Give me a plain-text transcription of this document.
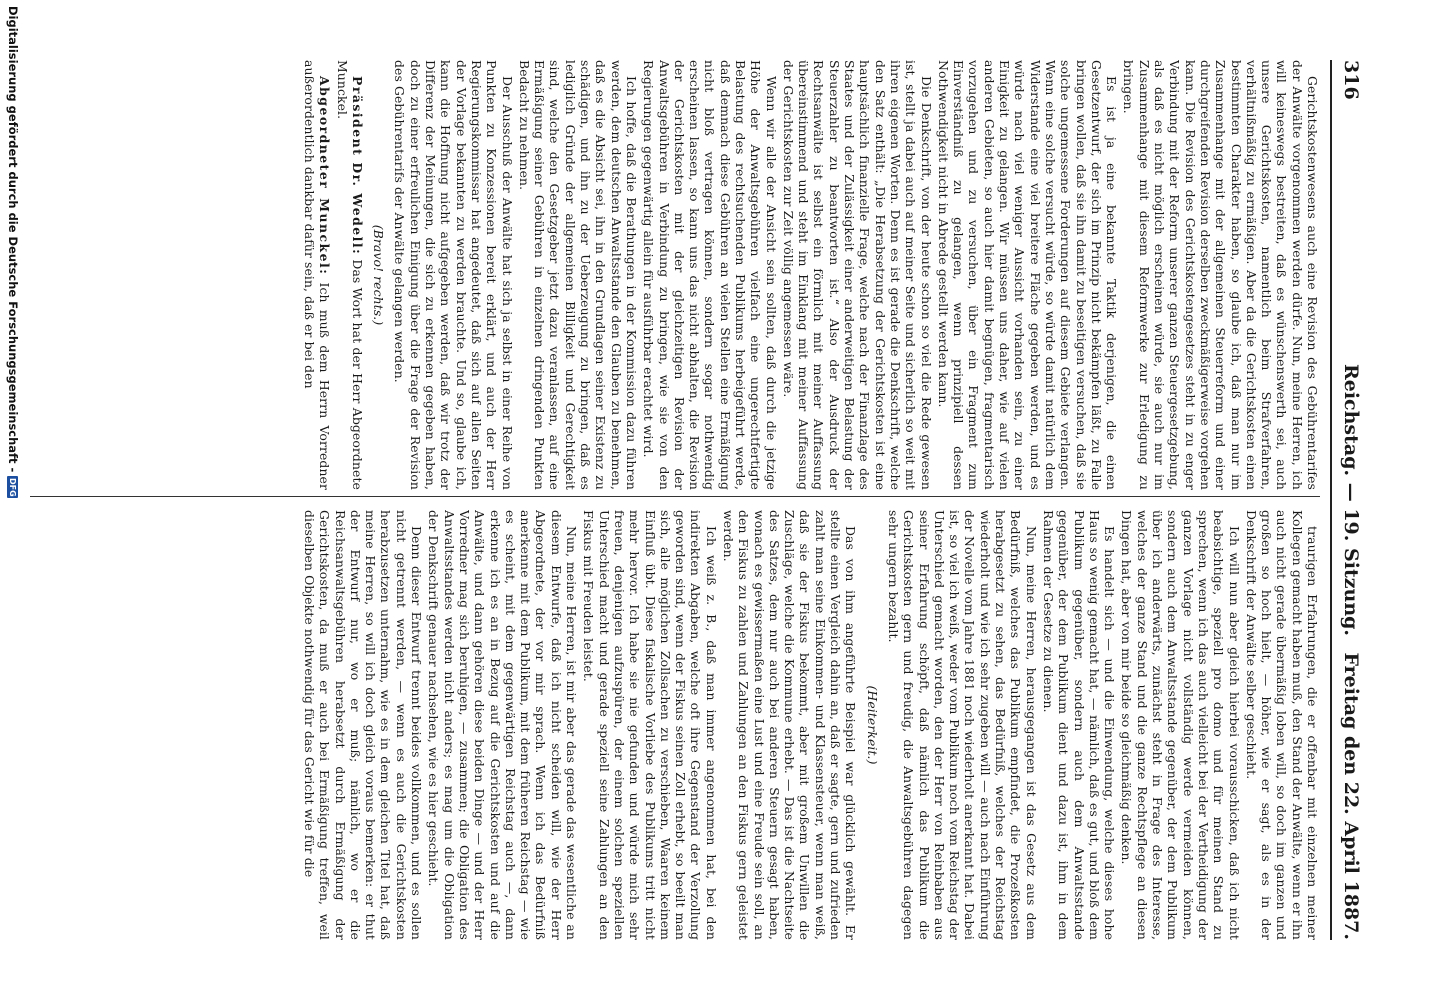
316
Reichstag. — 19. Sitzung.
Freitag den 22. April 1887.

Gerichtskostenwesens auch eine Revision des Gebührentarifes der Anwälte vorgenommen werden dürfe. Nun, meine Herren, ich will keineswegs bestreiten, daß es wünschenswerth sei, auch unsere Gerichtskosten, namentlich beim Strafverfahren, verhältnißmäßig zu ermäßigen. Aber da die Gerichtskosten einen bestimmten Charakter haben, so glaube ich, daß man nur im Zusammenhange mit der allgemeinen Steuerreform und einer durchgreifenden Revision derselben zweckmäßigerweise vorgehen kann. Die Revision des Gerichtskostengesetzes steht in zu enger Verbindung mit der Reform unserer ganzen Steuergesetzgebung, als daß es nicht möglich erscheinen würde, sie auch nur im Zusammenhange mit diesem Reformwerke zur Erledigung zu bringen.

Es ist ja eine bekannte Taktik derjenigen, die einen Gesetzentwurf, der sich im Prinzip nicht bekämpfen läßt, zu Falle bringen wollen, daß sie ihn damit zu beseitigen versuchen, daß sie solche ungemessene Forderungen auf diesem Gebiete verlangen. Wenn eine solche versucht würde, so würde damit natürlich dem Widerstande eine viel breitere Fläche gegeben werden, und es würde nach viel weniger Aussicht vorhanden sein, zu einer Einigkeit zu gelangen. Wir müssen uns daher, wie auf vielen anderen Gebieten, so auch hier damit begnügen, fragmentarisch vorzugehen und zu versuchen, über ein Fragment zum Einverständniß zu gelangen, wenn prinzipiell dessen Nothwendigkeit nicht in Abrede gestellt werden kann.

Die Denkschrift, von der heute schon so viel die Rede gewesen ist, stellt ja dabei auch auf meiner Seite und sicherlich so weit mit ihren eigenen Worten. Denn es ist gerade die Denkschrift, welche den Satz enthält: „Die Herabsetzung der Gerichtskosten ist eine hauptsächlich finanzielle Frage, welche nach der Finanzlage des Staates und der Zulässigkeit einer anderweitigen Belastung der Steuerzahler zu beantworten ist.“ Also der Ausdruck der Rechtsanwälte ist selbst ein förmlich mit meiner Auffassung übereinstimmend und steht im Einklang mit meiner Auffassung der Gerichtskosten zur Zeit völlig angemessen wäre.

Wenn wir alle der Ansicht sein sollten, daß durch die jetzige Höhe der Anwaltsgebühren vielfach eine ungerechtfertigte Belastung des rechtsuchenden Publikums herbeigeführt werde, daß demnach diese Gebühren an vielen Stellen eine Ermäßigung nicht bloß vertragen können, sondern sogar nothwendig erscheinen lassen, so kann uns das nicht abhalten, die Revision der Gerichtskosten mit der gleichzeitigen Revision der Anwaltsgebühren in Verbindung zu bringen, wie sie von den Regierungen gegenwärtig allein für ausführbar erachtet wird.

Ich hoffe, daß die Berathungen in der Kommission dazu führen werden, dem deutschen Anwaltsstande den Glauben zu benehmen, daß es die Absicht sei, ihn in den Grundlagen seiner Existenz zu schädigen, und ihn zu der Ueberzeugung zu bringen, daß es lediglich Gründe der allgemeinen Billigkeit und Gerechtigkeit sind, welche den Gesetzgeber jetzt dazu veranlassen, auf eine Ermäßigung seiner Gebühren in einzelnen dringenden Punkten Bedacht zu nehmen.

Der Ausschuß der Anwälte hat sich ja selbst in einer Reihe von Punkten zu Konzessionen bereit erklärt, und auch der Herr Regierungskommissar hat angedeutet, daß sich auf allen Seiten der Vorlage bekannten zu werden brauchte. Und so, glaube ich, kann die Hoffnung nicht aufgegeben werden, daß wir trotz der Differenz der Meinungen, die sich zu erkennen gegeben haben, doch zu einer erfreulichen Einigung über die Frage der Revision des Gebührentarifs der Anwälte gelangen werden.

(Bravo! rechts.)

Präsident Dr. Wedell: Das Wort hat der Herr Abgeordnete Munckel.

Abgeordneter Munckel: Ich muß dem Herrn Vorredner außerordentlich dankbar dafür sein, daß er bei den

traurigen Erfahrungen, die er offenbar mit einzelnen meiner Kollegen gemacht haben muß, den Stand der Anwälte, wenn er ihn auch nicht gerade übermäßig loben will, so doch im ganzen und großen so hoch hielt, — höher, wie er sagt, als es in der Denkschrift der Anwälte selber geschieht.

Ich will nun aber gleich hierbei vorausschicken, daß ich nicht beabsichtige, speziell pro domo und für meinen Stand zu sprechen, wenn ich das auch vielleicht bei der Vertheidigung der ganzen Vorlage nicht vollständig werde vermeiden können, sondern auch dem Anwaltsstande gegenüber, der dem Publikum über ich anderwärts, zunächst steht in Frage des Interesse, welches der ganze Stand und die ganze Rechtspflege an diesen Dingen hat, aber von mir beide so gleichmäßig denken.

Es handelt sich — und die Einwendung, welche dieses hohe Haus so wenig gemacht hat, — nämlich, daß es gut, und bloß dem Publikum gegenüber, sondern auch dem Anwaltsstande gegenüber, der dem Publikum dient und dazu ist, ihm in dem Rahmen der Gesetze zu dienen.

Nun, meine Herren, herausgegangen ist das Gesetz aus dem Bedürfniß, welches das Publikum empfindet, die Prozeßkosten herabgesetzt zu sehen, das Bedürfniß, welches der Reichstag wiederholt und wie ich sehr zugeben will — auch nach Einführung der Novelle vom Jahre 1881 noch wiederholt anerkannt hat. Dabei ist, so viel ich weiß, weder vom Publikum noch vom Reichstag der Unterschied gemacht worden, den der Herr von Reinbaben aus seiner Erfahrung schöpft, daß nämlich das Publikum die Gerichtskosten gern und freudig, die Anwaltsgebühren dagegen sehr ungern bezahlt.

(Heiterkeit.)

Das von ihm angeführte Beispiel war glücklich gewählt. Er stellte einen Vergleich dahin an, daß er sagte, gern und zufrieden zahlt man seine Einkommen- und Klassensteuer, wenn man weiß, daß sie der Fiskus bekommt, aber mit großem Unwillen die Zuschläge, welche die Kommune erhebt. — Das ist die Nachtseite des Satzes, dem nur auch bei anderen Steuern gesagt haben, wonach es gewissermaßen eine Lust und eine Freude sein soll, an den Fiskus zu zahlen und Zahlungen an den Fiskus gern geleistet werden.

Ich weiß z. B., daß man immer angenommen hat, bei den indirekten Abgaben, welche oft ihre Gegenstand der Verzollung geworden sind, wenn der Fiskus seinen Zoll erhebt, so beeilt man sich, alle möglichen Zollsachen zu verschieben, Waaren keinem Einfluß übt. Diese fiskalische Vorliebe des Publikums tritt nicht mehr hervor. Ich habe sie nie gefunden und würde mich sehr freuen, denjenigen aufzuspüren, der einem solchen speziellen Unterschied macht und gerade speziell seine Zahlungen an den Fiskus mit Freuden leistet.

Nun, meine Herren, ist mir aber das gerade das wesentliche an diesem Entwurfe, daß ich nicht scheiden will, wie der Herr Abgeordnete, der vor mir sprach. Wenn ich das Bedürfniß anerkenne mit dem Publikum, mit dem früheren Reichstag — wie es scheint, mit dem gegenwärtigen Reichstag auch —, dann erkenne ich es an in Bezug auf die Gerichtskosten und auf die Anwälte, und dann gehören diese beiden Dinge — und der Herr Vorredner mag sich beruhigen, — zusammen; die Obligation des Anwaltsstandes werden nicht anders; es mag um die Obligation der Denkschrift genauer nachsehen, wie es hier geschieht.

Denn dieser Entwurf trennt beides vollkommen, und es sollen nicht getrennt werden, — wenn es auch die Gerichtskosten herabzusetzen unternahm, wie es in dem gleichen Titel hat, daß meine Herren, so will ich doch gleich voraus bemerken: er thut der Entwurf nur, wo er muß; nämlich, wo er die Reichsanwaltsgebühren herabsetzt durch Ermäßigung der Gerichtskosten, da muß er auch bei Ermäßigung treffen, weil dieselben Objekte nothwendig für das Gericht wie für die

Digitalisierung gefördert durch die Deutsche Forschungsgemeinschaft -
DFG
